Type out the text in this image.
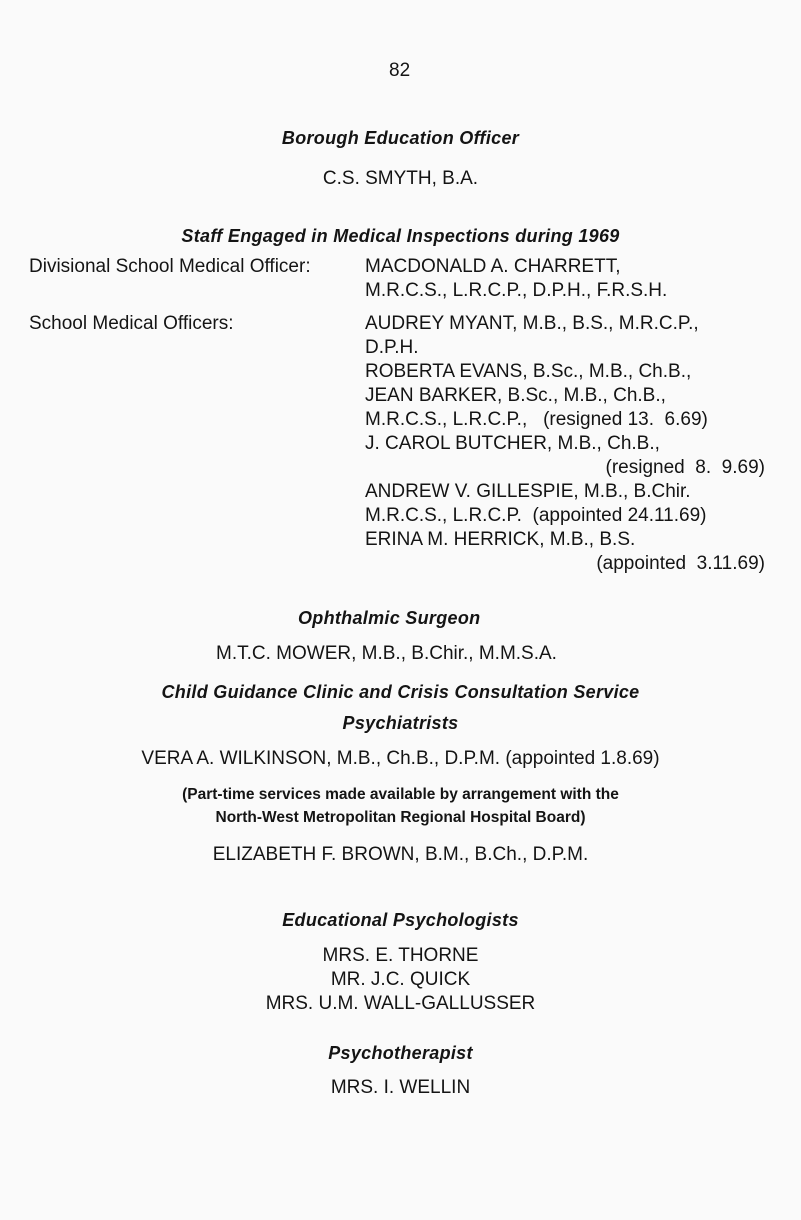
82
Borough Education Officer
C.S. SMYTH, B.A.
Staff Engaged in Medical Inspections during 1969
Divisional School Medical Officer:	MACDONALD A. CHARRETT,
M.R.C.S., L.R.C.P., D.P.H., F.R.S.H.
School Medical Officers:	AUDREY MYANT, M.B., B.S., M.R.C.P.,
D.P.H.
ROBERTA EVANS, B.Sc., M.B., Ch.B.,
JEAN BARKER, B.Sc., M.B., Ch.B.,
M.R.C.S., L.R.C.P.,   (resigned 13.  6.69)
J. CAROL BUTCHER, M.B., Ch.B.,
(resigned  8.  9.69)
ANDREW V. GILLESPIE, M.B., B.Chir.
M.R.C.S., L.R.C.P.  (appointed 24.11.69)
ERINA M. HERRICK, M.B., B.S.
(appointed  3.11.69)
Ophthalmic Surgeon
M.T.C. MOWER, M.B., B.Chir., M.M.S.A.
Child Guidance Clinic and Crisis Consultation Service
Psychiatrists
VERA A. WILKINSON, M.B., Ch.B., D.P.M. (appointed 1.8.69)
(Part-time services made available by arrangement with the
North-West Metropolitan Regional Hospital Board)
ELIZABETH F. BROWN, B.M., B.Ch., D.P.M.
Educational Psychologists
MRS. E. THORNE
MR. J.C. QUICK
MRS. U.M. WALL-GALLUSSER
Psychotherapist
MRS. I. WELLIN
